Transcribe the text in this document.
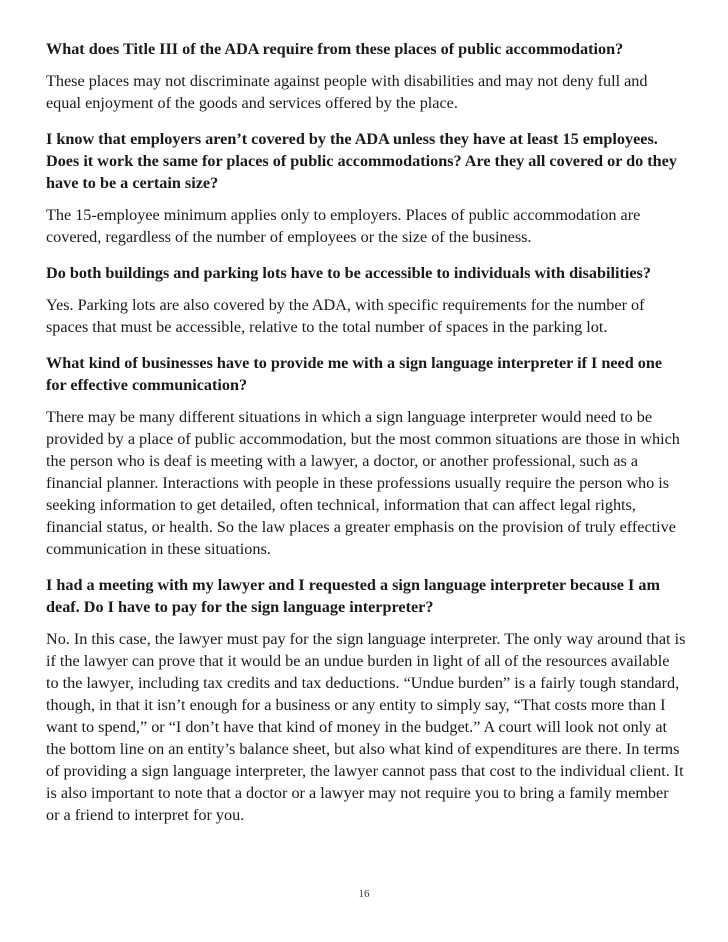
What does Title III of the ADA require from these places of public accommodation?

These places may not discriminate against people with disabilities and may not deny full and equal enjoyment of the goods and services offered by the place.

I know that employers aren’t covered by the ADA unless they have at least 15 employees. Does it work the same for places of public accommodations? Are they all covered or do they have to be a certain size?

The 15-employee minimum applies only to employers. Places of public accommodation are covered, regardless of the number of employees or the size of the business.

Do both buildings and parking lots have to be accessible to individuals with disabilities?

Yes. Parking lots are also covered by the ADA, with specific requirements for the number of spaces that must be accessible, relative to the total number of spaces in the parking lot.

What kind of businesses have to provide me with a sign language interpreter if I need one for effective communication?

There may be many different situations in which a sign language interpreter would need to be provided by a place of public accommodation, but the most common situations are those in which the person who is deaf is meeting with a lawyer, a doctor, or another professional, such as a financial planner. Interactions with people in these professions usually require the person who is seeking information to get detailed, often technical, information that can affect legal rights, financial status, or health. So the law places a greater emphasis on the provision of truly effective communication in these situations.

I had a meeting with my lawyer and I requested a sign language interpreter because I am deaf. Do I have to pay for the sign language interpreter?

No. In this case, the lawyer must pay for the sign language interpreter. The only way around that is if the lawyer can prove that it would be an undue burden in light of all of the resources available to the lawyer, including tax credits and tax deductions. “Undue burden” is a fairly tough standard, though, in that it isn’t enough for a business or any entity to simply say, “That costs more than I want to spend,” or “I don’t have that kind of money in the budget.” A court will look not only at the bottom line on an entity’s balance sheet, but also what kind of expenditures are there. In terms of providing a sign language interpreter, the lawyer cannot pass that cost to the individual client. It is also important to note that a doctor or a lawyer may not require you to bring a family member or a friend to interpret for you.

16
